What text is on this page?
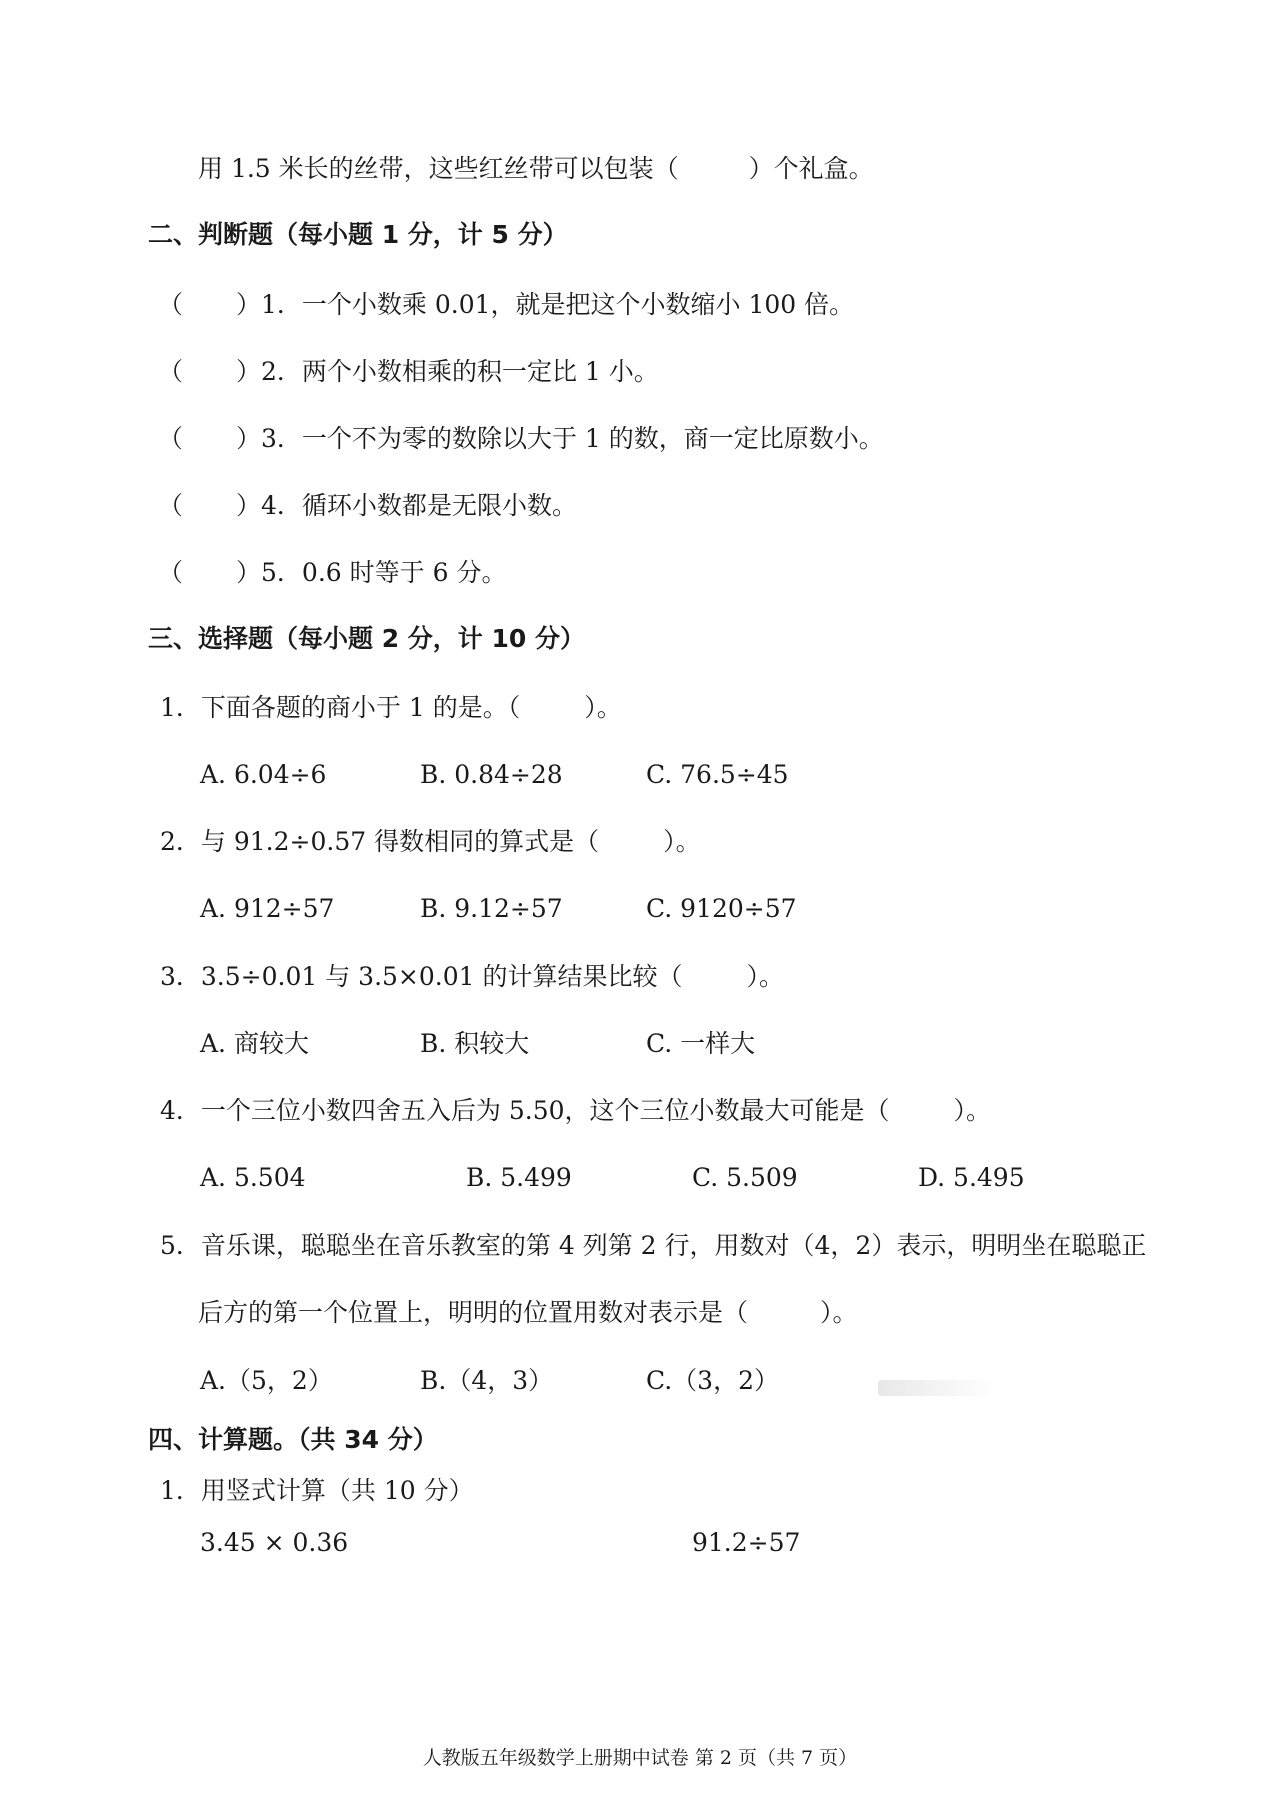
用 1.5 米长的丝带，这些红丝带可以包装（	）个礼盒。
二、判断题（每小题 1 分，计 5 分）
（ ）1．一个小数乘 0.01，就是把这个小数缩小 100 倍。
（ ）2．两个小数相乘的积一定比 1 小。
（ ）3．一个不为零的数除以大于 1 的数，商一定比原数小。
（ ）4．循环小数都是无限小数。
（ ）5．0.6 时等于 6 分。
三、选择题（每小题 2 分，计 10 分）
1．下面各题的商小于 1 的是。（	）。
A. 6.04÷6	B. 0.84÷28	C. 76.5÷45
2．与 91.2÷0.57 得数相同的算式是（	）。
A. 912÷57	B. 9.12÷57	C. 9120÷57
3．3.5÷0.01 与 3.5×0.01 的计算结果比较（	）。
A. 商较大	B. 积较大	C. 一样大
4．一个三位小数四舍五入后为 5.50，这个三位小数最大可能是（	）。
A. 5.504	B. 5.499	C. 5.509	D. 5.495
5．音乐课，聪聪坐在音乐教室的第 4 列第 2 行，用数对（4，2）表示，明明坐在聪聪正
后方的第一个位置上，明明的位置用数对表示是（	）。
A.（5，2）	B.（4，3）	C.（3，2）
四、计算题。（共 34 分）
1．用竖式计算（共 10 分）
3.45 × 0.36	91.2÷57
人教版五年级数学上册期中试卷 第 2 页（共 7 页）
